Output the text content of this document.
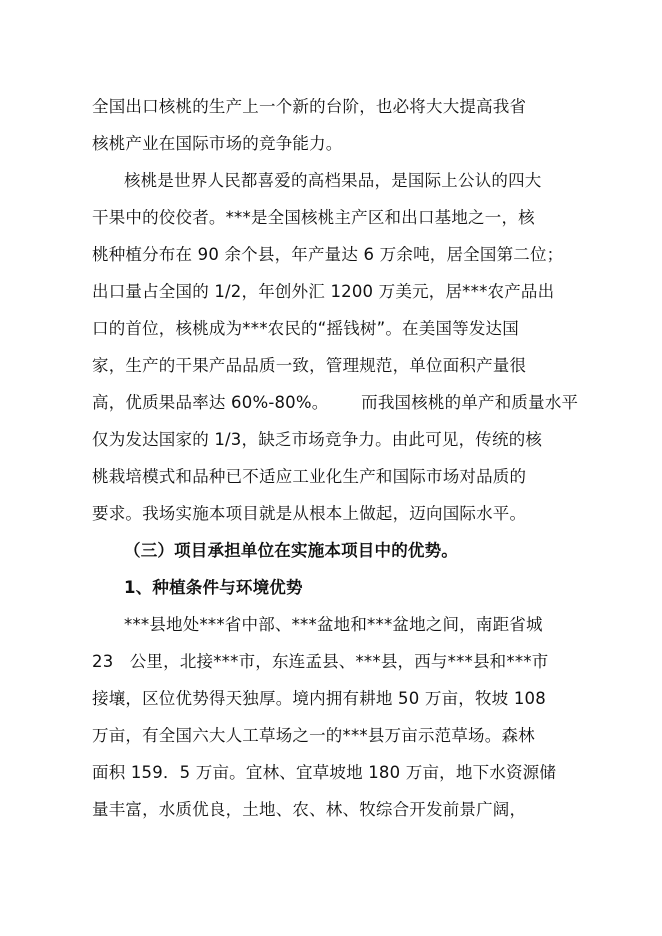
全国出口核桃的生产上一个新的台阶，也必将大大提高我省
核桃产业在国际市场的竞争能力。
核桃是世界人民都喜爱的高档果品，是国际上公认的四大
干果中的佼佼者。***是全国核桃主产区和出口基地之一，核
桃种植分布在 90 余个县，年产量达 6 万余吨，居全国第二位；
出口量占全国的 1/2，年创外汇 1200 万美元，居***农产品出
口的首位，核桃成为***农民的“摇钱树”。在美国等发达国
家，生产的干果产品品质一致，管理规范，单位面积产量很
高，优质果品率达 60%-80%。      而我国核桃的单产和质量水平
仅为发达国家的 1/3，缺乏市场竞争力。由此可见，传统的核
桃栽培模式和品种已不适应工业化生产和国际市场对品质的
要求。我场实施本项目就是从根本上做起，迈向国际水平。
（三）项目承担单位在实施本项目中的优势。
1、种植条件与环境优势
***县地处***省中部、***盆地和***盆地之间，南距省城
23   公里，北接***市，东连孟县、***县，西与***县和***市
接壤，区位优势得天独厚。境内拥有耕地 50 万亩，牧坡 108
万亩，有全国六大人工草场之一的***县万亩示范草场。森林
面积 159．5 万亩。宜林、宜草坡地 180 万亩，地下水资源储
量丰富，水质优良，土地、农、林、牧综合开发前景广阔，
